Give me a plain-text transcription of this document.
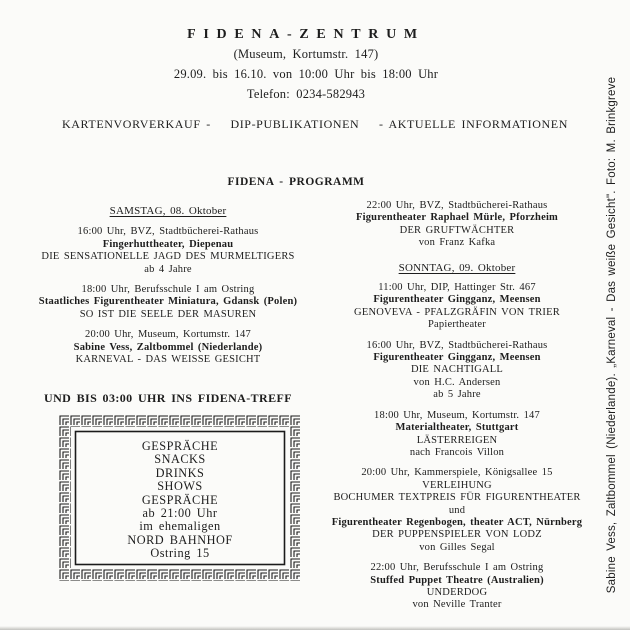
FIDENA-ZENTRUM
(Museum, Kortumstr. 147)
29.09. bis 16.10. von 10:00 Uhr bis 18:00 Uhr
Telefon: 0234-582943
KARTENVORVERKAUF - DIP-PUBLIKATIONEN - AKTUELLE INFORMATIONEN
FIDENA - PROGRAMM
SAMSTAG, 08. Oktober
16:00 Uhr, BVZ, Stadtbücherei-Rathaus
Fingerhuttheater, Diepenau
DIE SENSATIONELLE JAGD DES MURMELTIGERS
ab 4 Jahre
18:00 Uhr, Berufsschule I am Ostring
Staatliches Figurentheater Miniatura, Gdansk (Polen)
SO IST DIE SEELE DER MASUREN
20:00 Uhr, Museum, Kortumstr. 147
Sabine Vess, Zaltbommel (Niederlande)
KARNEVAL - DAS WEISSE GESICHT
22:00 Uhr, BVZ, Stadtbücherei-Rathaus
Figurentheater Raphael Mürle, Pforzheim
DER GRUFTWÄCHTER
von Franz Kafka
SONNTAG, 09. Oktober
11:00 Uhr, DIP, Hattinger Str. 467
Figurentheater Gingganz, Meensen
GENOVEVA - PFALZGRÄFIN VON TRIER
Papiertheater
16:00 Uhr, BVZ, Stadtbücherei-Rathaus
Figurentheater Gingganz, Meensen
DIE NACHTIGALL
von H.C. Andersen
ab 5 Jahre
18:00 Uhr, Museum, Kortumstr. 147
Materialtheater, Stuttgart
LÄSTERREIGEN
nach Francois Villon
20:00 Uhr, Kammerspiele, Königsallee 15
VERLEIHUNG
BOCHUMER TEXTPREIS FÜR FIGURENTHEATER
und
Figurentheater Regenbogen, theater ACT, Nürnberg
DER PUPPENSPIELER VON LODZ
von Gilles Segal
22:00 Uhr, Berufsschule I am Ostring
Stuffed Puppet Theatre (Australien)
UNDERDOG
von Neville Tranter
UND BIS 03:00 UHR INS FIDENA-TREFF
GESPRÄCHE
SNACKS
DRINKS
SHOWS
GESPRÄCHE
ab 21:00 Uhr
im ehemaligen
NORD BAHNHOF
Ostring 15	Sabine Vess, Zaltbommel (Niederlande). „Karneval - Das weiße Gesicht". Foto: M. Brinkgreve
